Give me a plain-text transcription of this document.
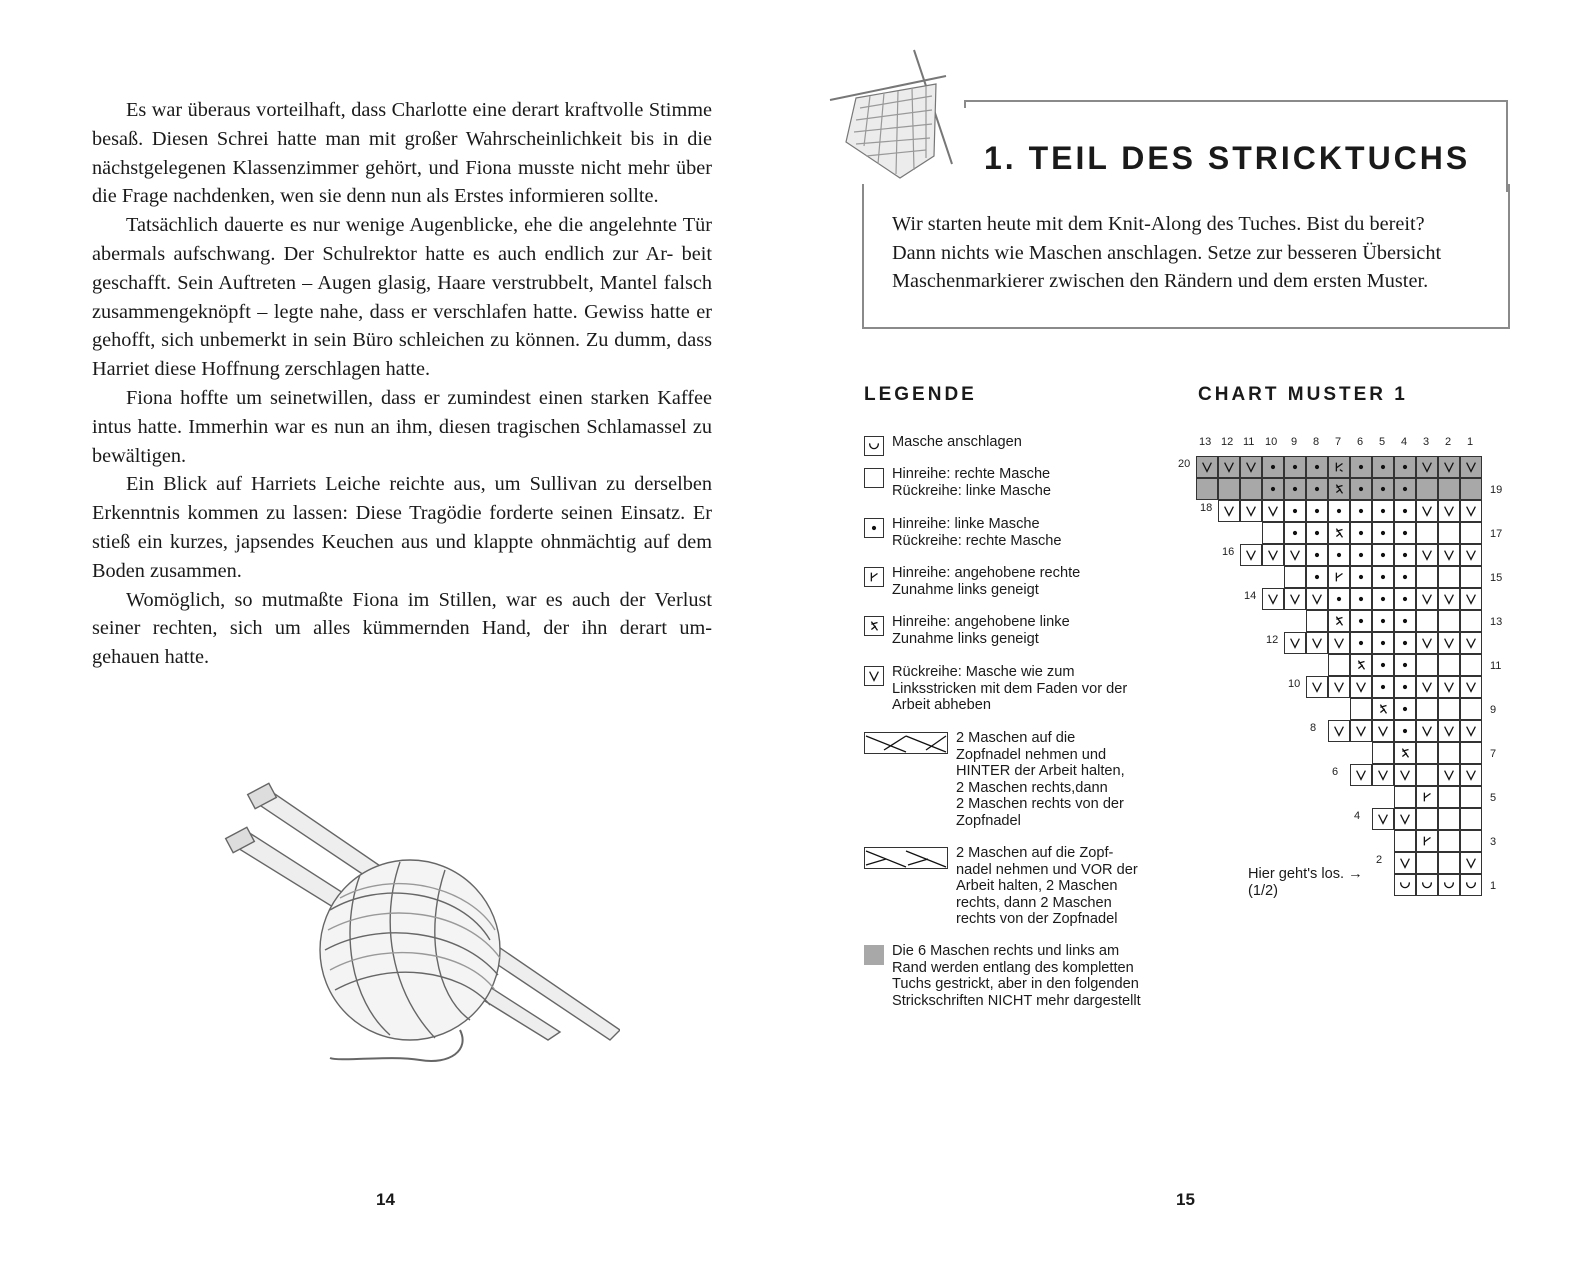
Es war überaus vorteilhaft, dass Charlotte eine derart kraftvolle Stimme besaß. Diesen Schrei hatte man mit großer Wahrscheinlichkeit bis in die nächstgelegenen Klassenzimmer gehört, und Fiona musste nicht mehr über die Frage nachdenken, wen sie denn nun als Erstes informieren sollte.

Tatsächlich dauerte es nur wenige Augenblicke, ehe die angelehnte Tür abermals aufschwang. Der Schulrektor hatte es auch endlich zur Ar- beit geschafft. Sein Auftreten – Augen glasig, Haare verstrubbelt, Mantel falsch zusammengeknöpft – legte nahe, dass er verschlafen hatte. Gewiss hatte er gehofft, sich unbemerkt in sein Büro schleichen zu können. Zu dumm, dass Harriet diese Hoffnung zerschlagen hatte.

Fiona hoffte um seinetwillen, dass er zumindest einen starken Kaffee intus hatte. Immerhin war es nun an ihm, diesen tragischen Schlamassel zu bewältigen.

Ein Blick auf Harriets Leiche reichte aus, um Sullivan zu derselben Erkenntnis kommen zu lassen: Diese Tragödie forderte seinen Einsatz. Er stieß ein kurzes, japsendes Keuchen aus und klappte ohnmächtig auf dem Boden zusammen.

Womöglich, so mutmaßte Fiona im Stillen, war es auch der Verlust seiner rechten, sich um alles kümmernden Hand, der ihn derart um- gehauen hatte.

14
1. TEIL DES STRICKTUCHS
Wir starten heute mit dem Knit-Along des Tuches. Bist du bereit?
Dann nichts wie Maschen anschlagen. Setze zur besseren Übersicht
Maschenmarkierer zwischen den Rändern und dem ersten Muster.
LEGENDE	CHART MUSTER 1
Masche anschlagen
Hinreihe: rechte Masche
Rückreihe: linke Masche
Hinreihe: linke Masche
Rückreihe: rechte Masche
Hinreihe: angehobene rechte
Zunahme links geneigt
Hinreihe: angehobene linke
Zunahme links geneigt
Rückreihe: Masche wie zum
Linksstricken mit dem Faden vor der
Arbeit abheben
2 Maschen auf die
Zopfnadel nehmen und
HINTER der Arbeit halten,
2 Maschen rechts,dann
2 Maschen rechts von der
Zopfnadel
2 Maschen auf die Zopf-
nadel nehmen und VOR der
Arbeit halten, 2 Maschen
rechts, dann 2 Maschen
rechts von der Zopfnadel
Die 6 Maschen rechts und links am
Rand werden entlang des kompletten
Tuchs gestrickt, aber in den folgenden
Strickschriften NICHT mehr dargestellt
13 12 11 10 9 8 7 6 5 4 3 2 1
20
19
18
17
16
15
14
13
12
11
10
9
8
7
6
5
4
3
2
1
Hier geht's los. →
(1/2)
15
